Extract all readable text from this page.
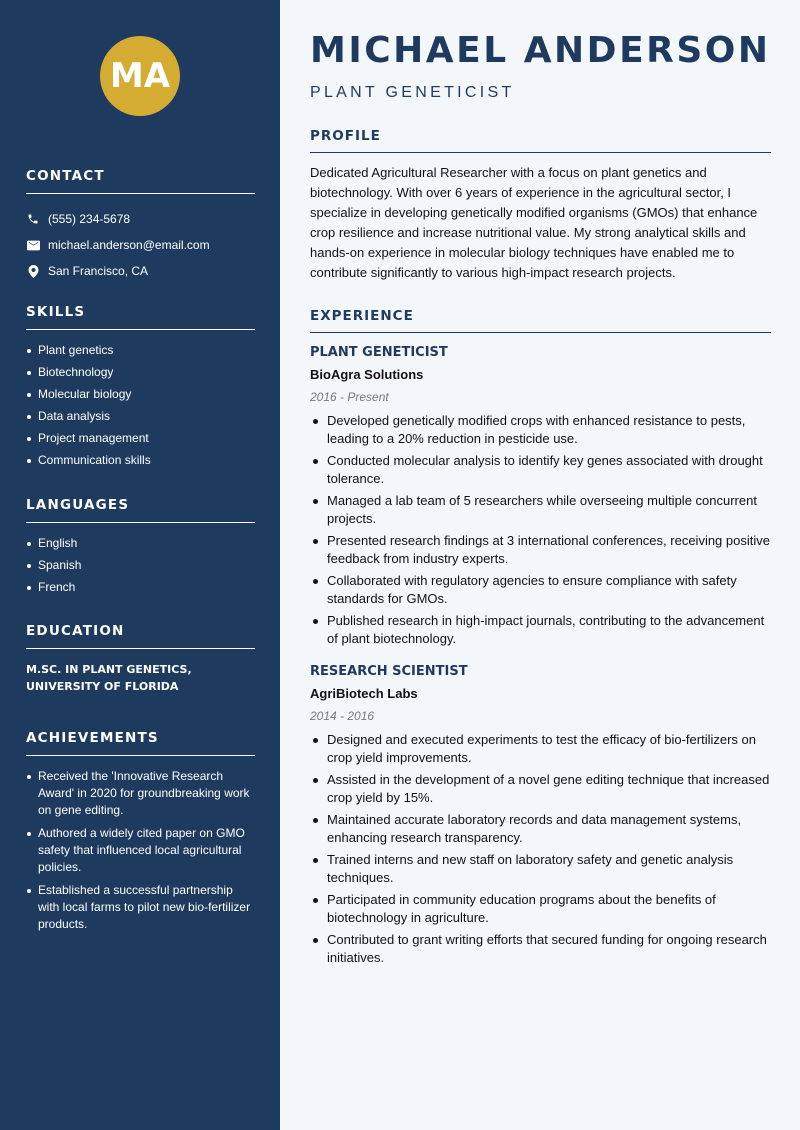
MA
CONTACT
(555) 234-5678
michael.anderson@email.com
San Francisco, CA
SKILLS
Plant genetics
Biotechnology
Molecular biology
Data analysis
Project management
Communication skills
LANGUAGES
English
Spanish
French
EDUCATION
M.SC. IN PLANT GENETICS, UNIVERSITY OF FLORIDA
ACHIEVEMENTS
Received the 'Innovative Research Award' in 2020 for groundbreaking work on gene editing.
Authored a widely cited paper on GMO safety that influenced local agricultural policies.
Established a successful partnership with local farms to pilot new bio-fertilizer products.
MICHAEL ANDERSON
PLANT GENETICIST
PROFILE

Dedicated Agricultural Researcher with a focus on plant genetics and biotechnology. With over 6 years of experience in the agricultural sector, I specialize in developing genetically modified organisms (GMOs) that enhance crop resilience and increase nutritional value. My strong analytical skills and hands-on experience in molecular biology techniques have enabled me to contribute significantly to various high-impact research projects.

EXPERIENCE
PLANT GENETICIST
BioAgra Solutions
2016 - Present
Developed genetically modified crops with enhanced resistance to pests, leading to a 20% reduction in pesticide use.
Conducted molecular analysis to identify key genes associated with drought tolerance.
Managed a lab team of 5 researchers while overseeing multiple concurrent projects.
Presented research findings at 3 international conferences, receiving positive feedback from industry experts.
Collaborated with regulatory agencies to ensure compliance with safety standards for GMOs.
Published research in high-impact journals, contributing to the advancement of plant biotechnology.
RESEARCH SCIENTIST
AgriBiotech Labs
2014 - 2016
Designed and executed experiments to test the efficacy of bio-fertilizers on crop yield improvements.
Assisted in the development of a novel gene editing technique that increased crop yield by 15%.
Maintained accurate laboratory records and data management systems, enhancing research transparency.
Trained interns and new staff on laboratory safety and genetic analysis techniques.
Participated in community education programs about the benefits of biotechnology in agriculture.
Contributed to grant writing efforts that secured funding for ongoing research initiatives.
